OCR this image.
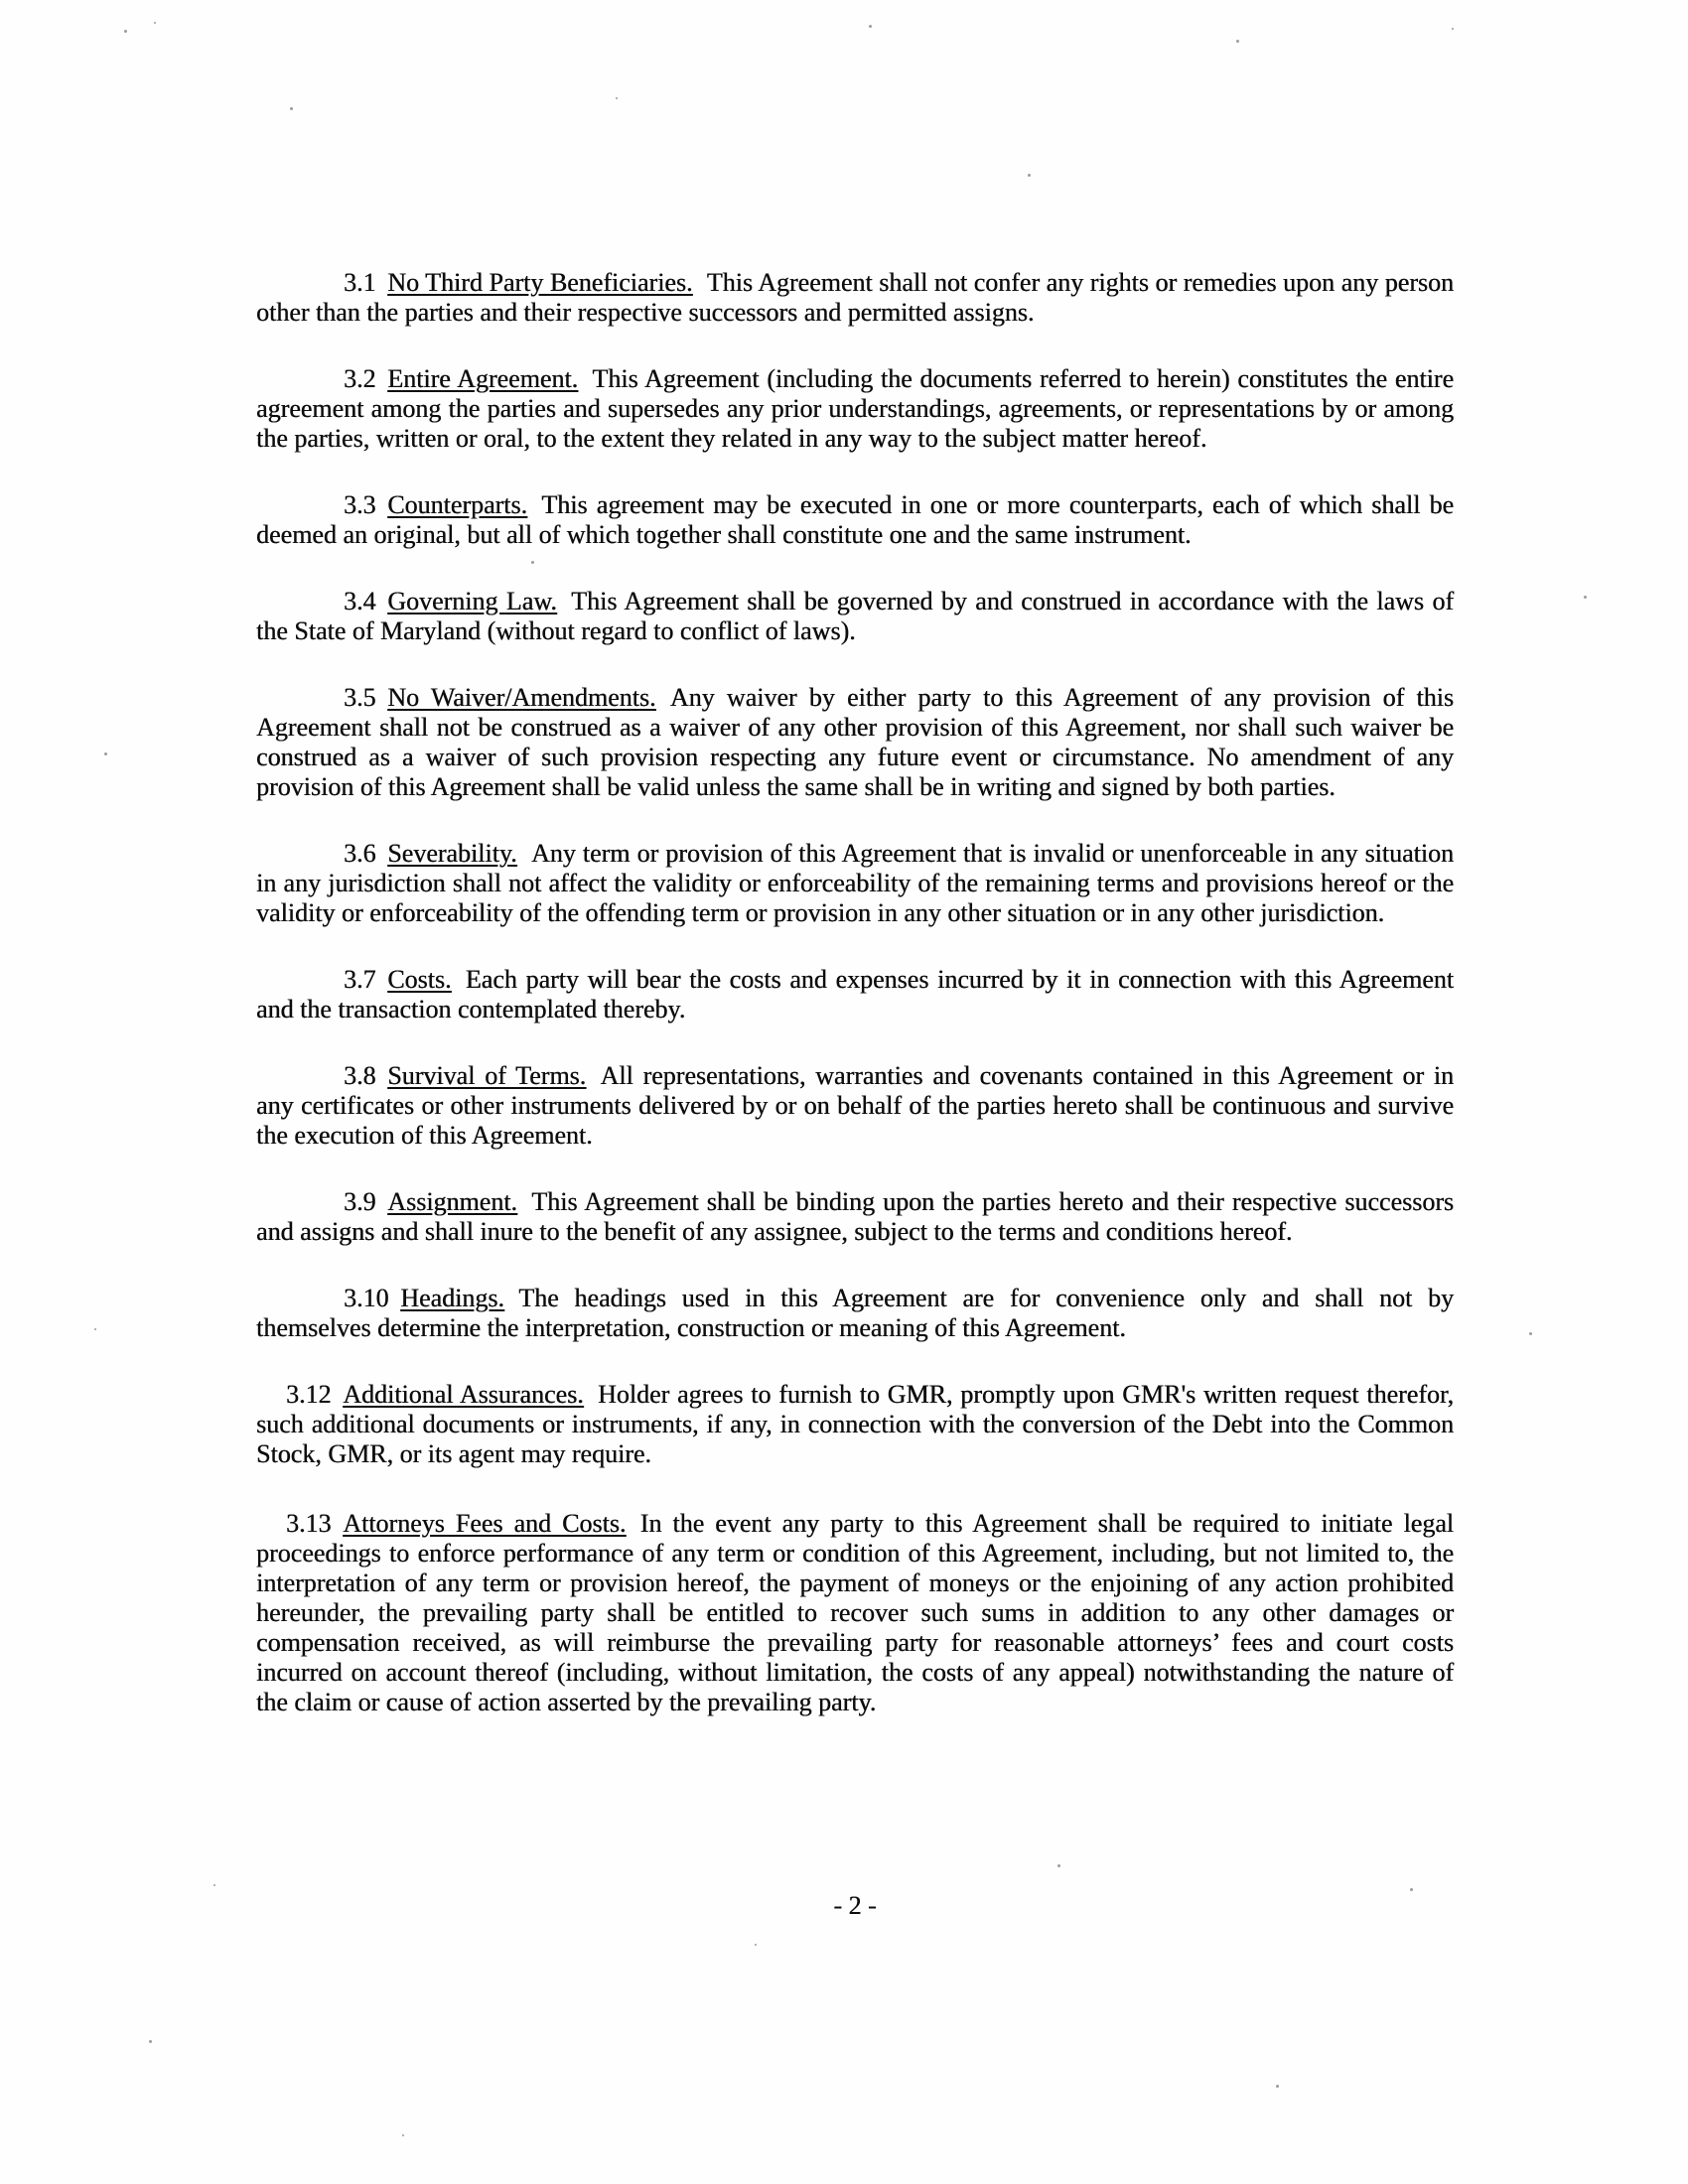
3.1 No Third Party Beneficiaries. This Agreement shall not confer any rights or remedies upon any person other than the parties and their respective successors and permitted assigns.

3.2 Entire Agreement. This Agreement (including the documents referred to herein) constitutes the entire agreement among the parties and supersedes any prior understandings, agreements, or representations by or among the parties, written or oral, to the extent they related in any way to the subject matter hereof.

3.3 Counterparts. This agreement may be executed in one or more counterparts, each of which shall be deemed an original, but all of which together shall constitute one and the same instrument.

3.4 Governing Law. This Agreement shall be governed by and construed in accordance with the laws of the State of Maryland (without regard to conflict of laws).

3.5 No Waiver/Amendments. Any waiver by either party to this Agreement of any provision of this Agreement shall not be construed as a waiver of any other provision of this Agreement, nor shall such waiver be construed as a waiver of such provision respecting any future event or circumstance. No amendment of any provision of this Agreement shall be valid unless the same shall be in writing and signed by both parties.

3.6 Severability. Any term or provision of this Agreement that is invalid or unenforceable in any situation in any jurisdiction shall not affect the validity or enforceability of the remaining terms and provisions hereof or the validity or enforceability of the offending term or provision in any other situation or in any other jurisdiction.

3.7 Costs. Each party will bear the costs and expenses incurred by it in connection with this Agreement and the transaction contemplated thereby.

3.8 Survival of Terms. All representations, warranties and covenants contained in this Agreement or in any certificates or other instruments delivered by or on behalf of the parties hereto shall be continuous and survive the execution of this Agreement.

3.9 Assignment. This Agreement shall be binding upon the parties hereto and their respective successors and assigns and shall inure to the benefit of any assignee, subject to the terms and conditions hereof.

3.10 Headings. The headings used in this Agreement are for convenience only and shall not by themselves determine the interpretation, construction or meaning of this Agreement.

3.12 Additional Assurances. Holder agrees to furnish to GMR, promptly upon GMR's written request therefor, such additional documents or instruments, if any, in connection with the conversion of the Debt into the Common Stock, GMR, or its agent may require.

3.13 Attorneys Fees and Costs. In the event any party to this Agreement shall be required to initiate legal proceedings to enforce performance of any term or condition of this Agreement, including, but not limited to, the interpretation of any term or provision hereof, the payment of moneys or the enjoining of any action prohibited hereunder, the prevailing party shall be entitled to recover such sums in addition to any other damages or compensation received, as will reimburse the prevailing party for reasonable attorneys’ fees and court costs incurred on account thereof (including, without limitation, the costs of any appeal) notwithstanding the nature of the claim or cause of action asserted by the prevailing party.

- 2 -
